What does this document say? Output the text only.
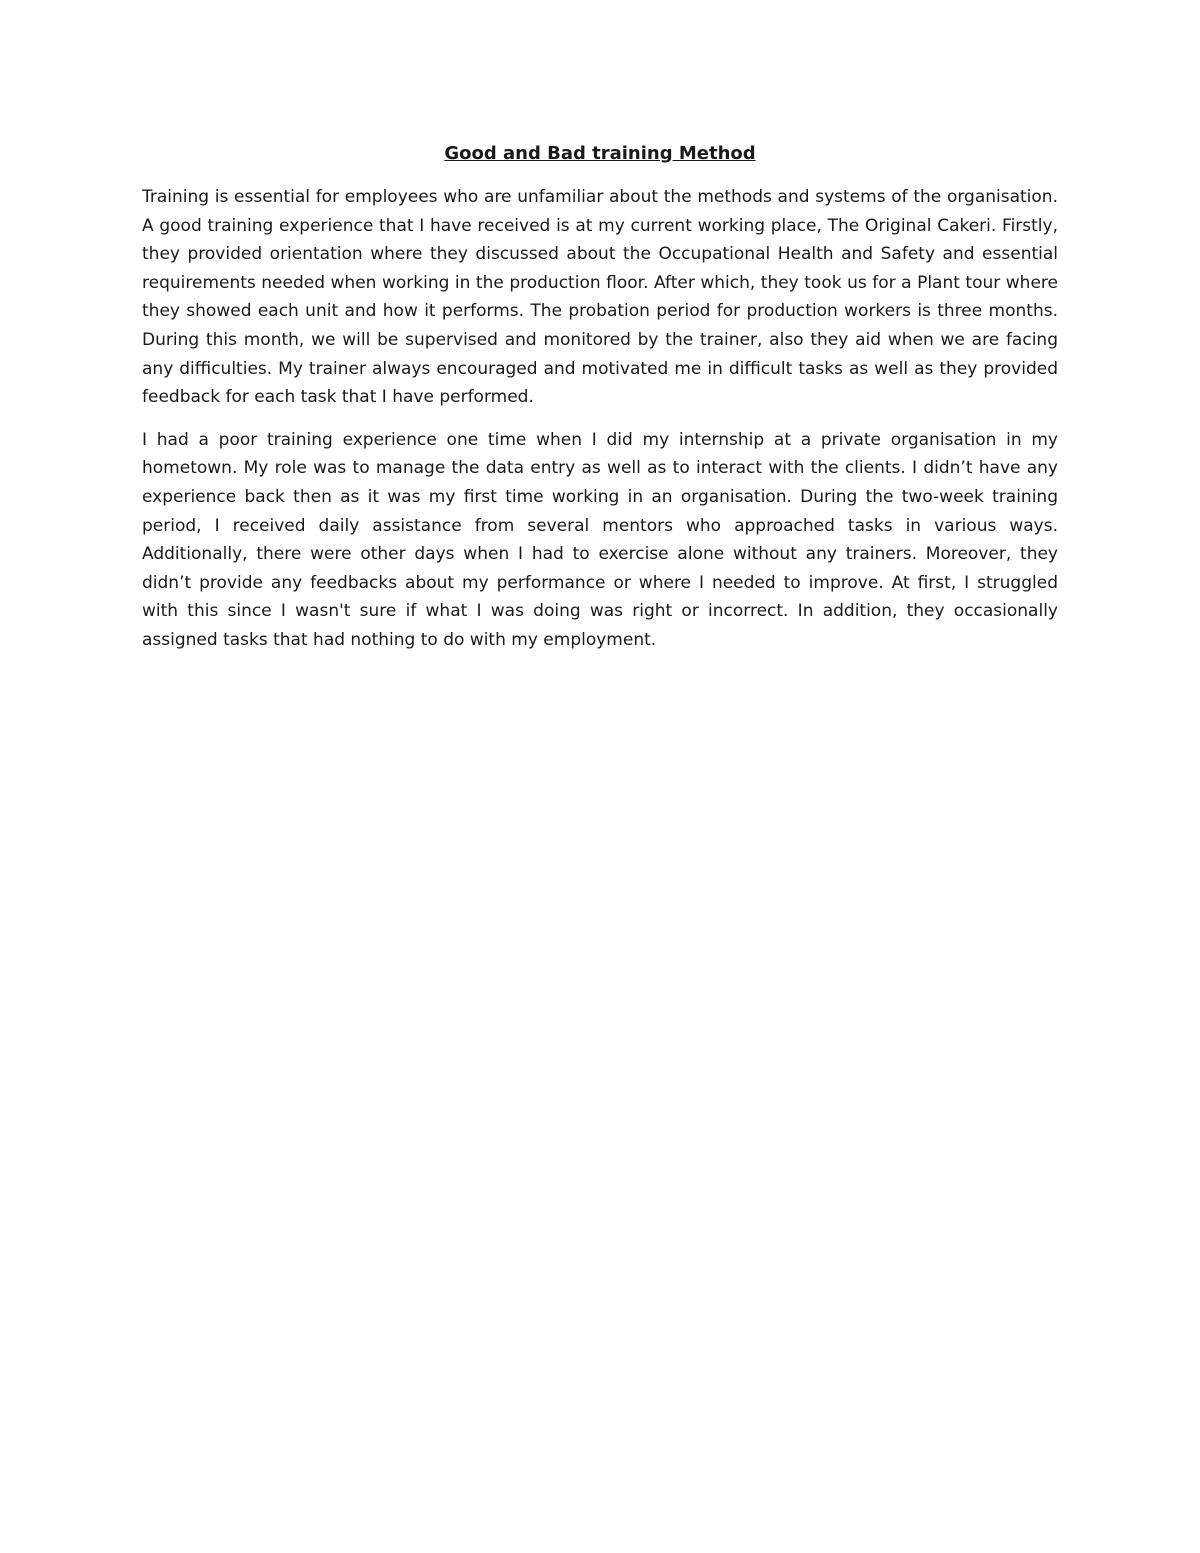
Good and Bad training Method

Training is essential for employees who are unfamiliar about the methods and systems of the organisation. A good training experience that I have received is at my current working place, The Original Cakeri. Firstly, they provided orientation where they discussed about the Occupational Health and Safety and essential requirements needed when working in the production floor. After which, they took us for a Plant tour where they showed each unit and how it performs. The probation period for production workers is three months. During this month, we will be supervised and monitored by the trainer, also they aid when we are facing any difficulties. My trainer always encouraged and motivated me in difficult tasks as well as they provided feedback for each task that I have performed.

I had a poor training experience one time when I did my internship at a private organisation in my hometown. My role was to manage the data entry as well as to interact with the clients. I didn’t have any experience back then as it was my first time working in an organisation. During the two-week training period, I received daily assistance from several mentors who approached tasks in various ways. Additionally, there were other days when I had to exercise alone without any trainers. Moreover, they didn’t provide any feedbacks about my performance or where I needed to improve. At first, I struggled with this since I wasn't sure if what I was doing was right or incorrect. In addition, they occasionally assigned tasks that had nothing to do with my employment.
